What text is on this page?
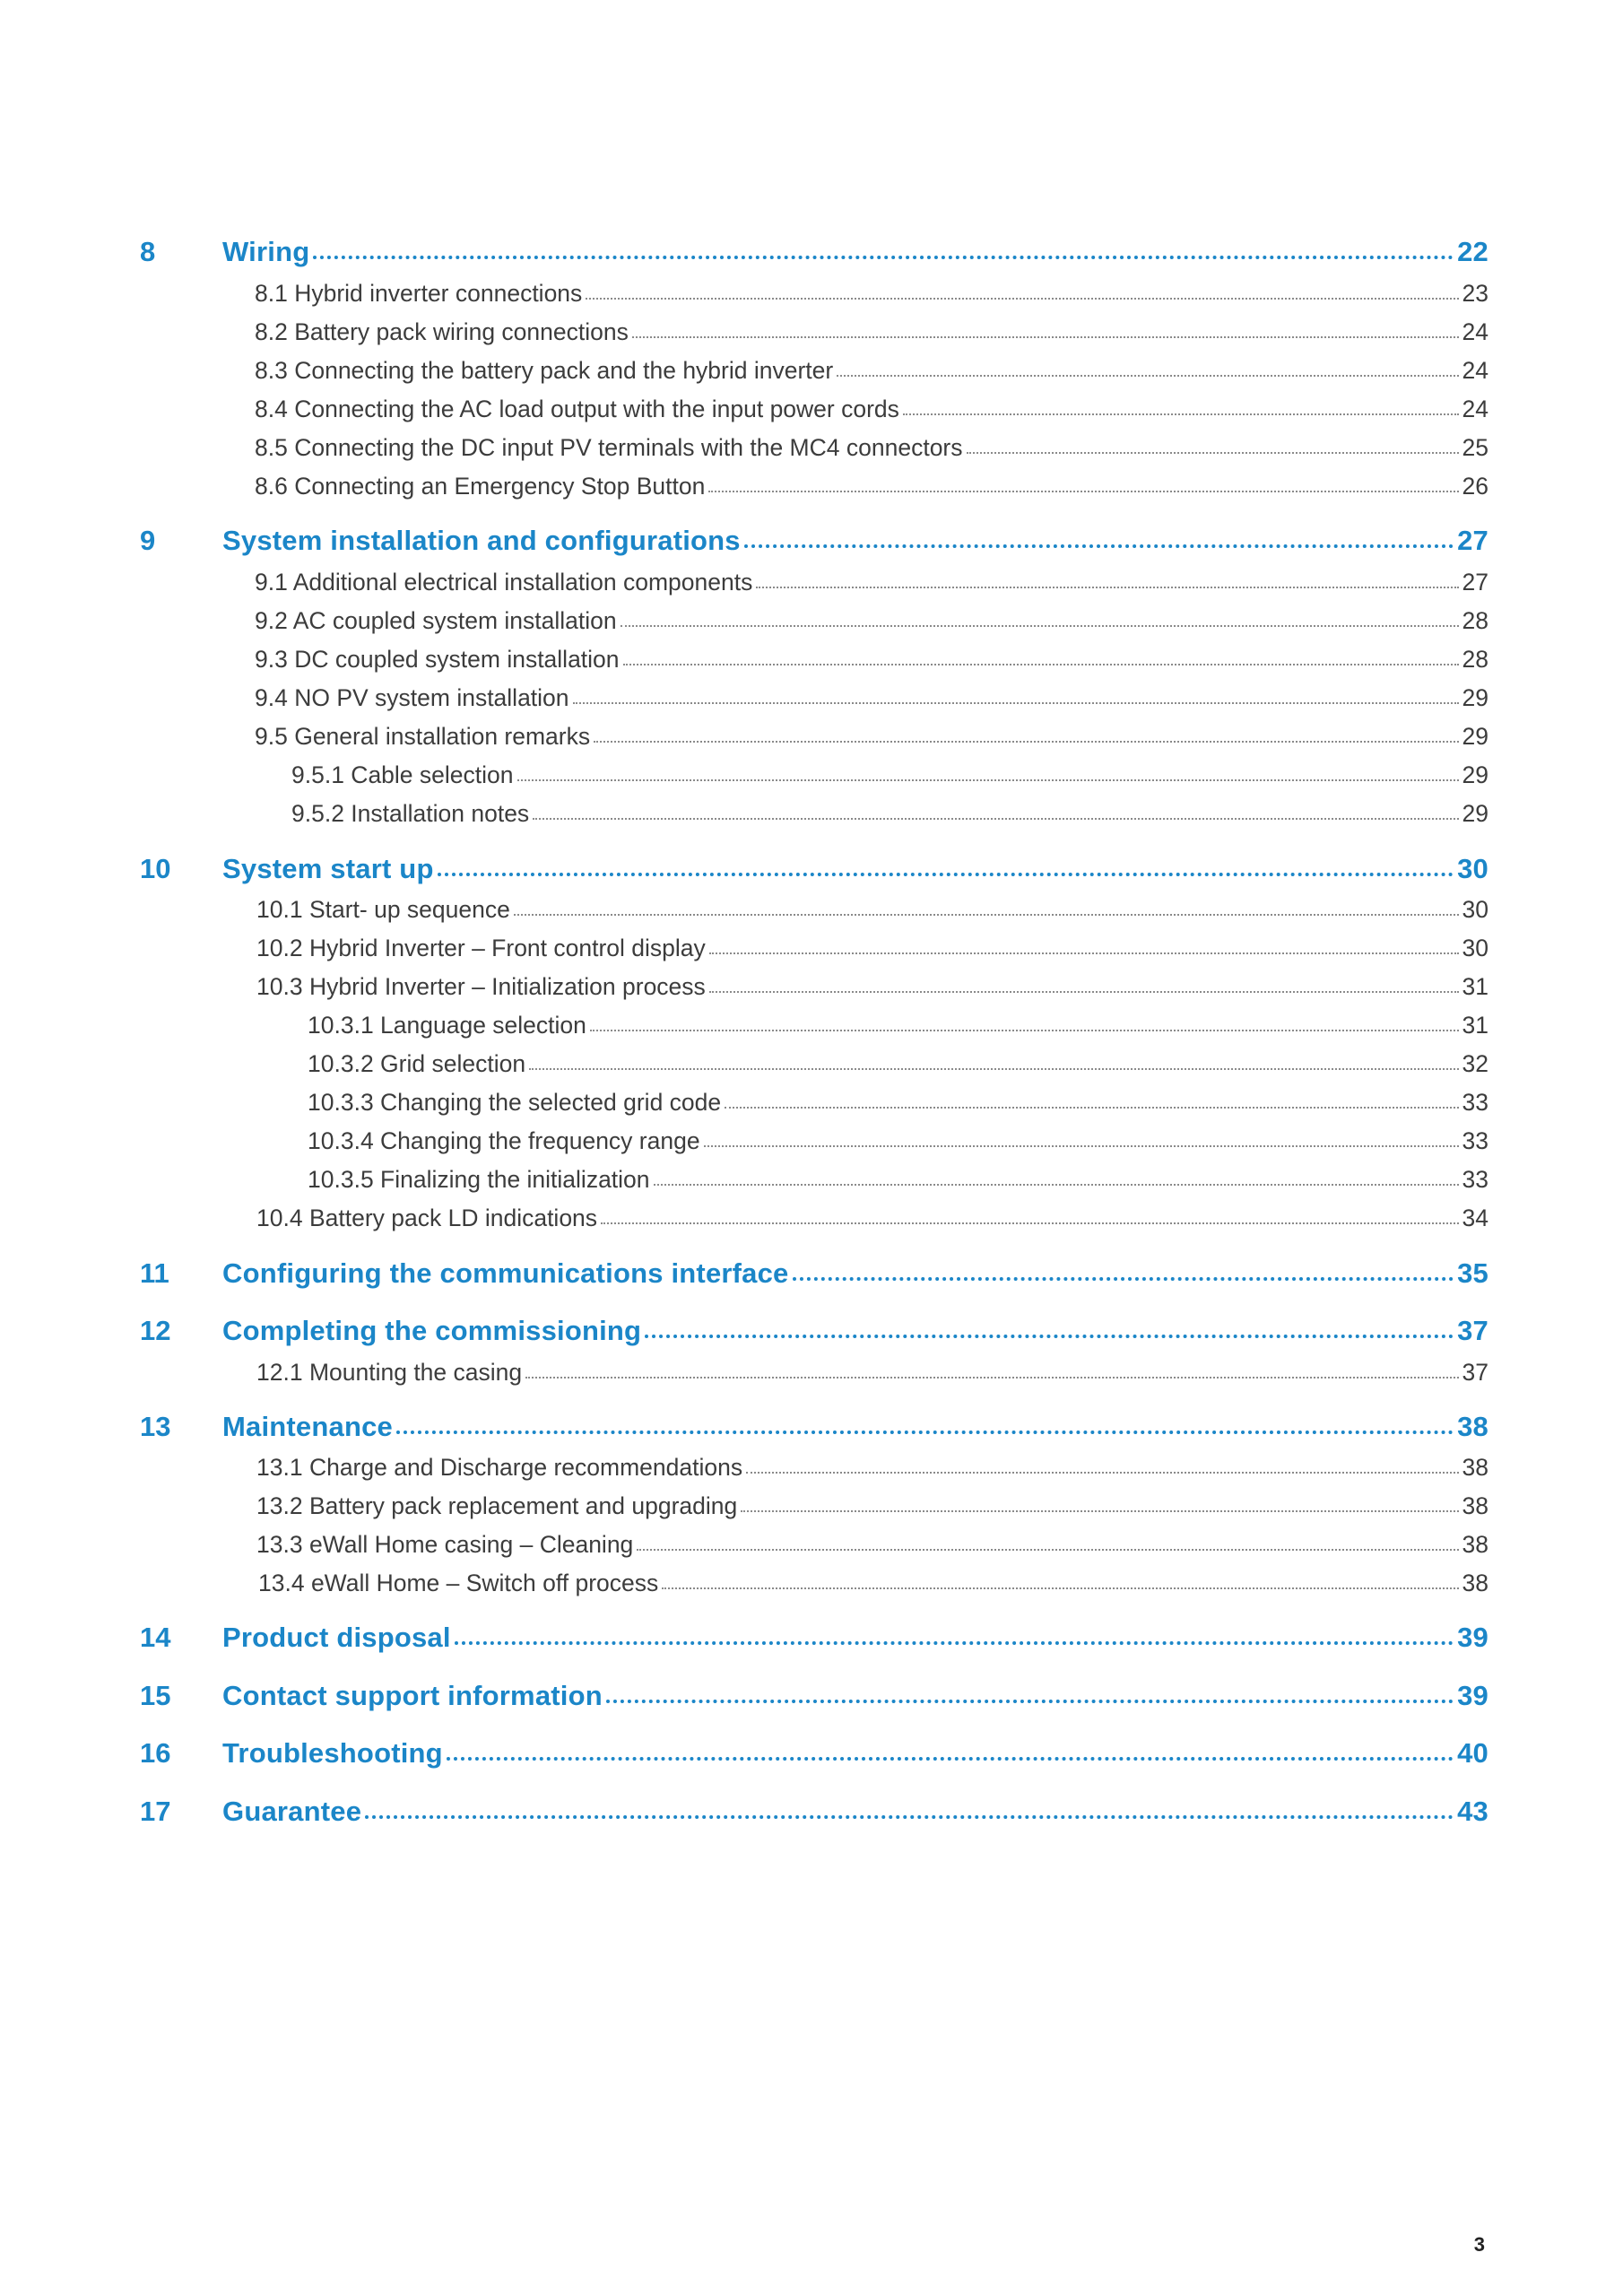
8 Wiring	22
8.1 Hybrid inverter connections	23
8.2 Battery pack wiring connections	24
8.3 Connecting the battery pack and the hybrid inverter	24
8.4 Connecting the AC load output with the input power cords	24
8.5 Connecting the DC input PV terminals with the MC4 connectors	25
8.6 Connecting an Emergency Stop Button	26
9 System installation and configurations	27
9.1 Additional electrical installation components	27
9.2 AC coupled system installation	28
9.3 DC coupled system installation	28
9.4 NO PV system installation	29
9.5 General installation remarks	29
9.5.1 Cable selection	29
9.5.2 Installation notes	29
10 System start up	30
10.1 Start- up sequence	30
10.2 Hybrid Inverter – Front control display	30
10.3 Hybrid Inverter – Initialization process	31
10.3.1 Language selection	31
10.3.2 Grid selection	32
10.3.3 Changing the selected grid code	33
10.3.4 Changing the frequency range	33
10.3.5 Finalizing the initialization	33
10.4 Battery pack LD indications	34
11 Configuring the communications interface	35
12 Completing the commissioning	37
12.1 Mounting the casing	37
13 Maintenance	38
13.1 Charge and Discharge recommendations	38
13.2 Battery pack replacement and upgrading	38
13.3 eWall Home casing – Cleaning	38
13.4 eWall Home – Switch off process	38
14 Product disposal	39
15 Contact support information	39
16 Troubleshooting	40
17 Guarantee	43
3
